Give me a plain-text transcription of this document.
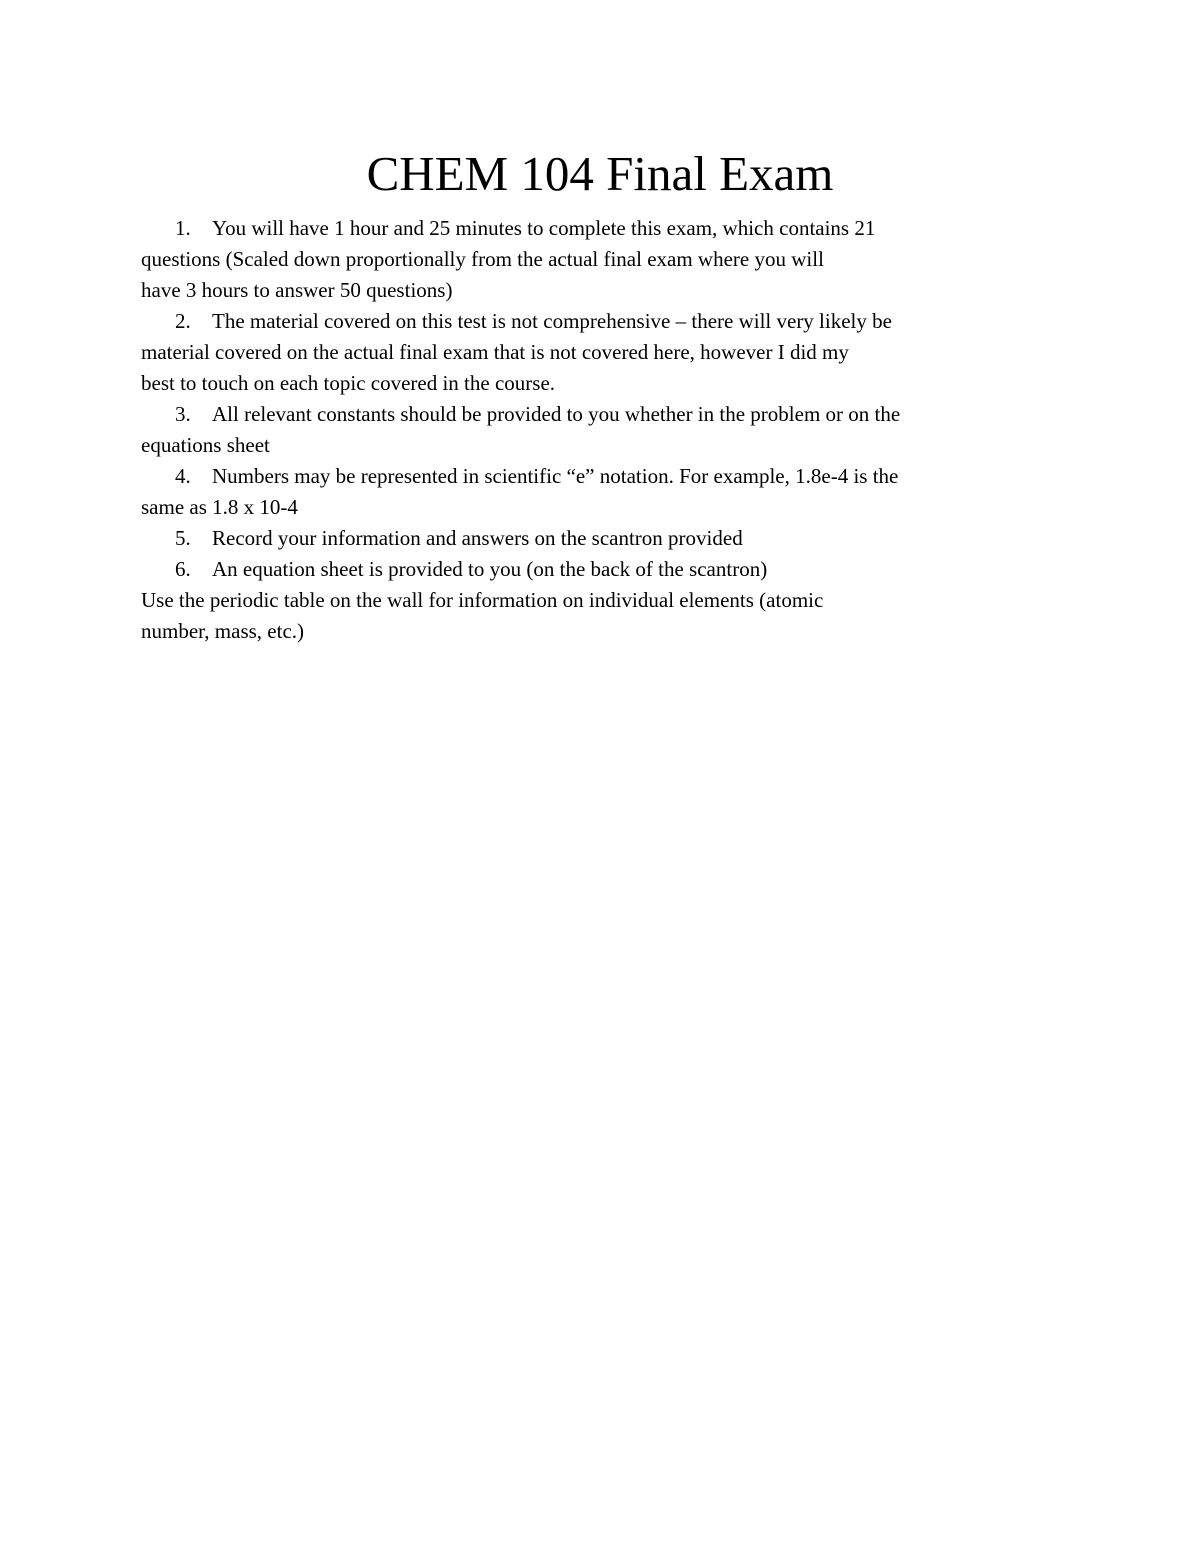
CHEM 104 Final Exam
1. You will have 1 hour and 25 minutes to complete this exam, which contains 21
questions (Scaled down proportionally from the actual final exam where you will
have 3 hours to answer 50 questions)
2. The material covered on this test is not comprehensive – there will very likely be
material covered on the actual final exam that is not covered here, however I did my
best to touch on each topic covered in the course.
3. All relevant constants should be provided to you whether in the problem or on the
equations sheet
4. Numbers may be represented in scientific “e” notation. For example, 1.8e-4 is the
same as 1.8 x 10-4
5. Record your information and answers on the scantron provided
6. An equation sheet is provided to you (on the back of the scantron)
Use the periodic table on the wall for information on individual elements (atomic
number, mass, etc.)
